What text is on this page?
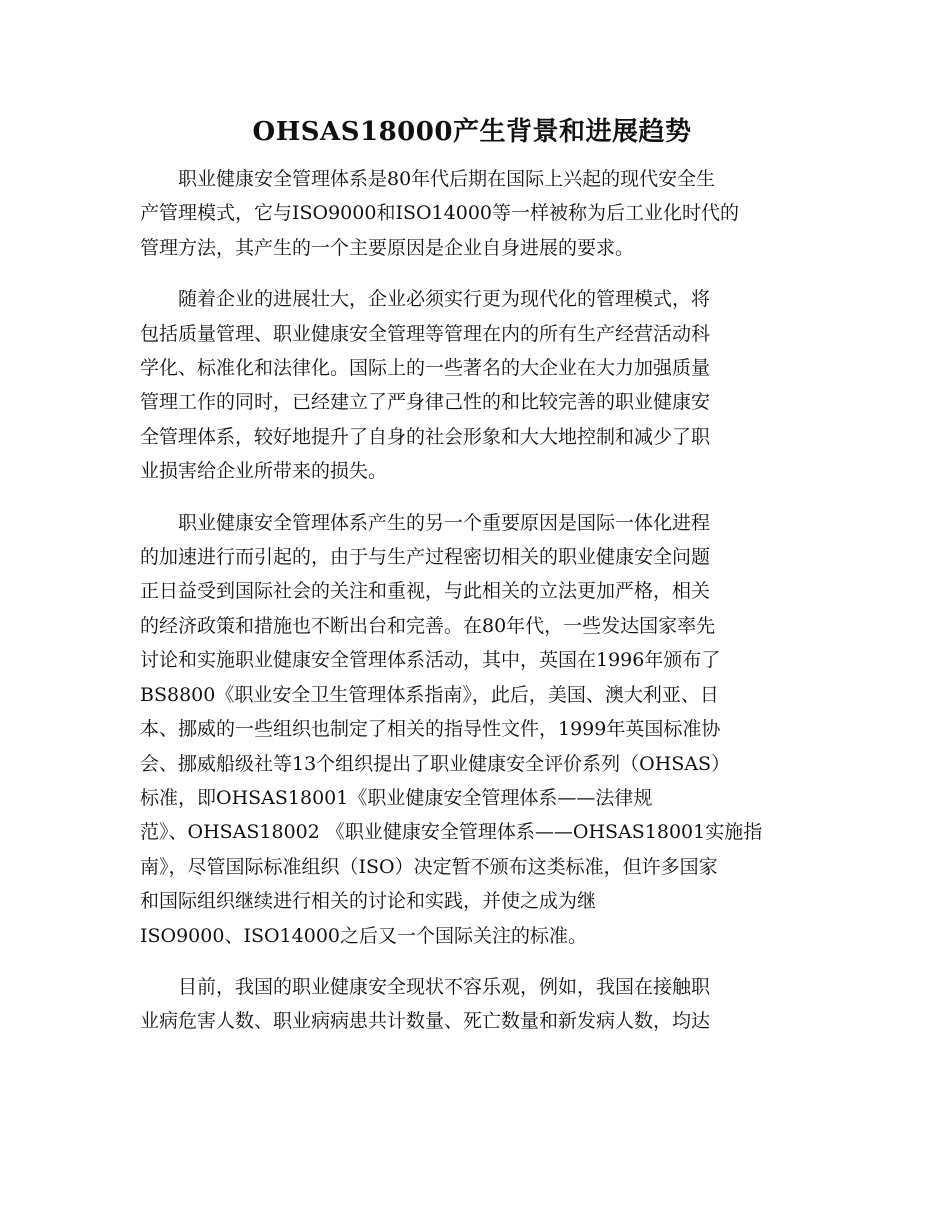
OHSAS18000产生背景和进展趋势

职业健康安全管理体系是80年代后期在国际上兴起的现代安全生
产管理模式，它与ISO9000和ISO14000等一样被称为后工业化时代的
管理方法，其产生的一个主要原因是企业自身进展的要求。

随着企业的进展壮大，企业必须实行更为现代化的管理模式，将
包括质量管理、职业健康安全管理等管理在内的所有生产经营活动科
学化、标准化和法律化。国际上的一些著名的大企业在大力加强质量
管理工作的同时，已经建立了严身律己性的和比较完善的职业健康安
全管理体系，较好地提升了自身的社会形象和大大地控制和减少了职
业损害给企业所带来的损失。

职业健康安全管理体系产生的另一个重要原因是国际一体化进程
的加速进行而引起的，由于与生产过程密切相关的职业健康安全问题
正日益受到国际社会的关注和重视，与此相关的立法更加严格，相关
的经济政策和措施也不断出台和完善。在80年代，一些发达国家率先
讨论和实施职业健康安全管理体系活动，其中，英国在1996年颁布了
BS8800《职业安全卫生管理体系指南》，此后，美国、澳大利亚、日
本、挪威的一些组织也制定了相关的指导性文件，1999年英国标准协
会、挪威船级社等13个组织提出了职业健康安全评价系列（OHSAS）
标准，即OHSAS18001《职业健康安全管理体系——法律规
范》、OHSAS18002 《职业健康安全管理体系——OHSAS18001实施指
南》，尽管国际标准组织（ISO）决定暂不颁布这类标准，但许多国家
和国际组织继续进行相关的讨论和实践，并使之成为继
ISO9000、ISO14000之后又一个国际关注的标准。

目前，我国的职业健康安全现状不容乐观，例如，我国在接触职
业病危害人数、职业病病患共计数量、死亡数量和新发病人数，均达
